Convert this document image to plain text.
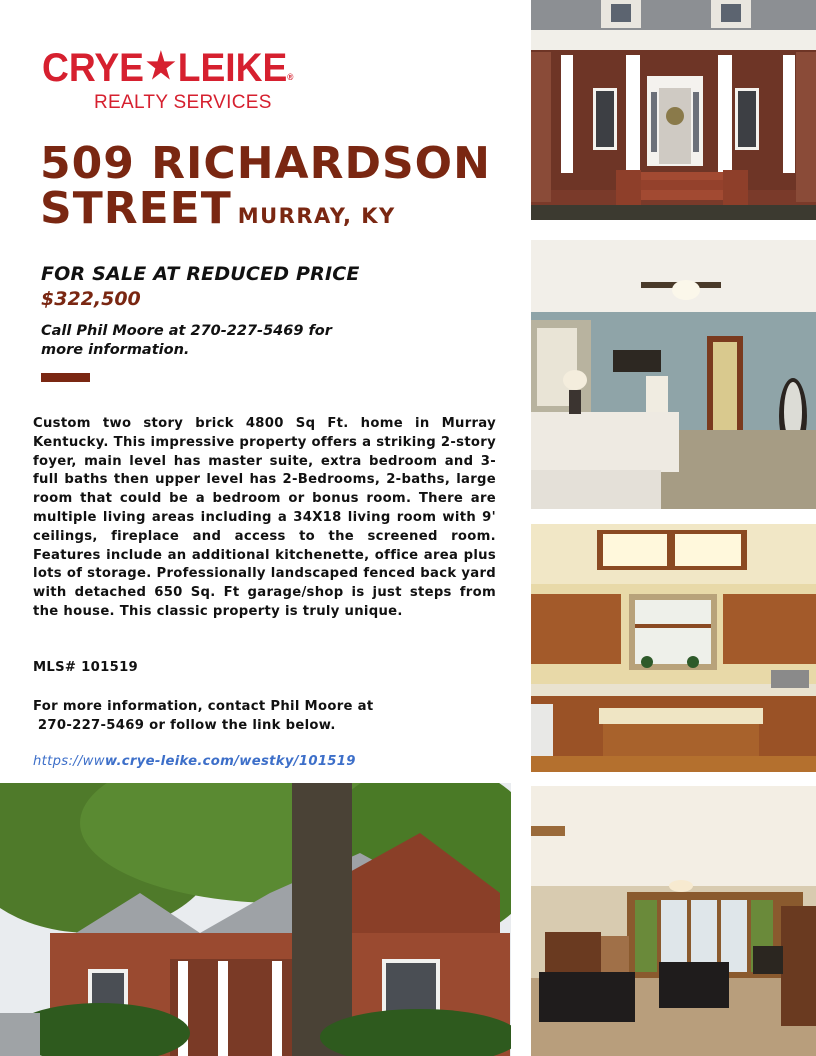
CRYE★LEIKE®
REALTY SERVICES
509 RICHARDSON
STREET MURRAY, KY
FOR SALE AT REDUCED PRICE
$322,500
Call Phil Moore at 270-227-5469 for more information.
Custom two story brick 4800 Sq Ft. home in Murray Kentucky. This impressive property offers a striking 2-story foyer, main level has master suite, extra bedroom and 3-full baths then upper level has 2-Bedrooms, 2-baths, large room that could be a bedroom or bonus room. There are multiple living areas including a 34X18 living room with 9' ceilings, fireplace and access to the screened room. Features include an additional kitchenette, office area plus lots of storage. Professionally landscaped fenced back yard with detached 650 Sq. Ft garage/shop is just steps from the house. This classic property is truly unique.
MLS# 101519
For more information, contact Phil Moore at
270-227-5469 or follow the link below.
https://www.crye-leike.com/westky/101519
